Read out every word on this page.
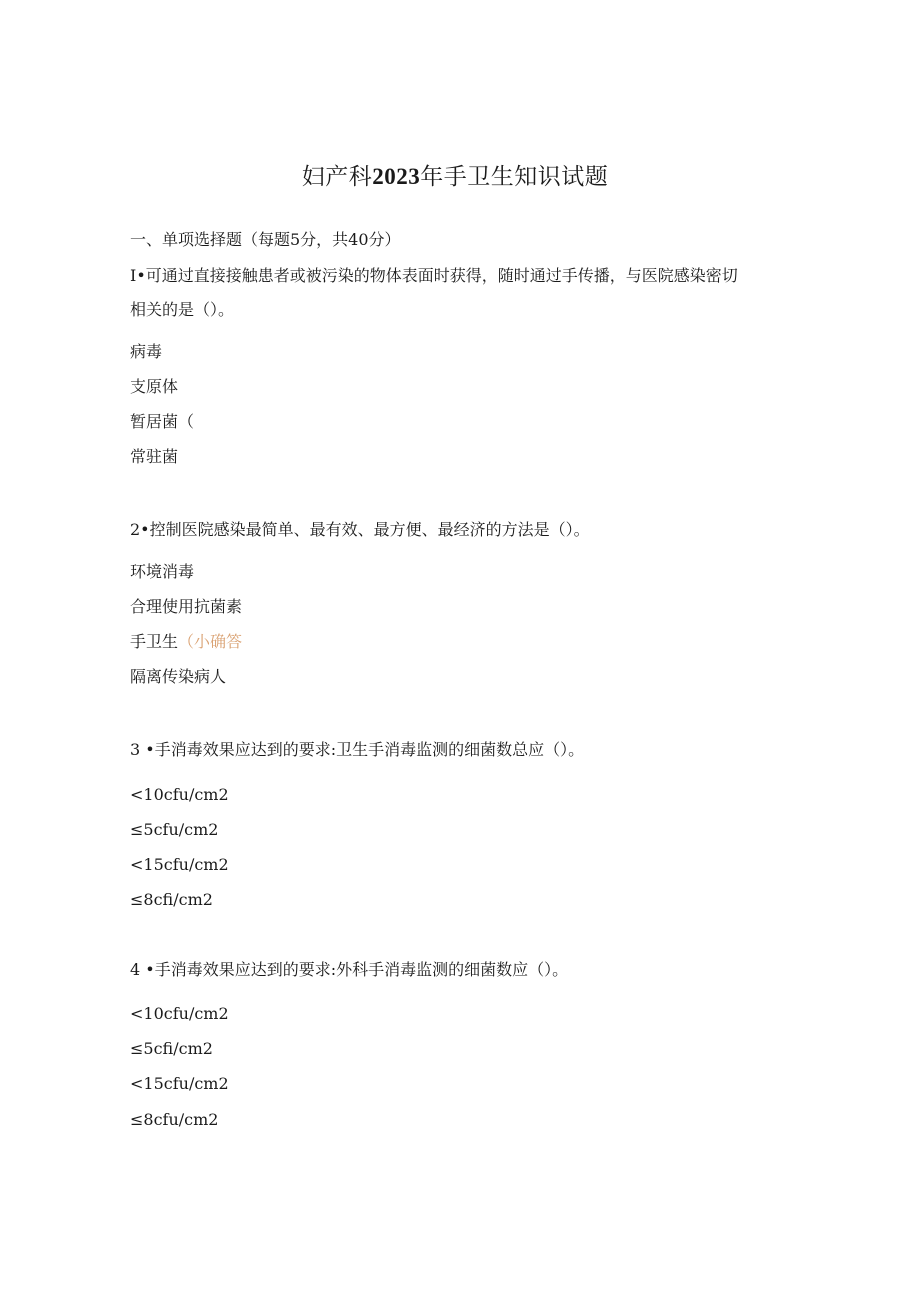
妇产科2023年手卫生知识试题
一、单项选择题（每题5分，共40分）
I•可通过直接接触患者或被污染的物体表面时获得，随时通过手传播，与医院感染密切
相关的是（）。
病毒
支原体
暂居菌（
常驻菌
2•控制医院感染最简单、最有效、最方便、最经济的方法是（）。
环境消毒
合理使用抗菌素
手卫生（小确答
隔离传染病人
3 •手消毒效果应达到的要求:卫生手消毒监测的细菌数总应（）。
<10cfu∕cm2
≤5cfu∕cm2
<15cfu∕cm2
≤8cfi∕cm2
4 •手消毒效果应达到的要求:外科手消毒监测的细菌数应（）。
<10cfu∕cm2
≤5cfi∕cm2
<15cfu∕cm2
≤8cfu∕cm2
